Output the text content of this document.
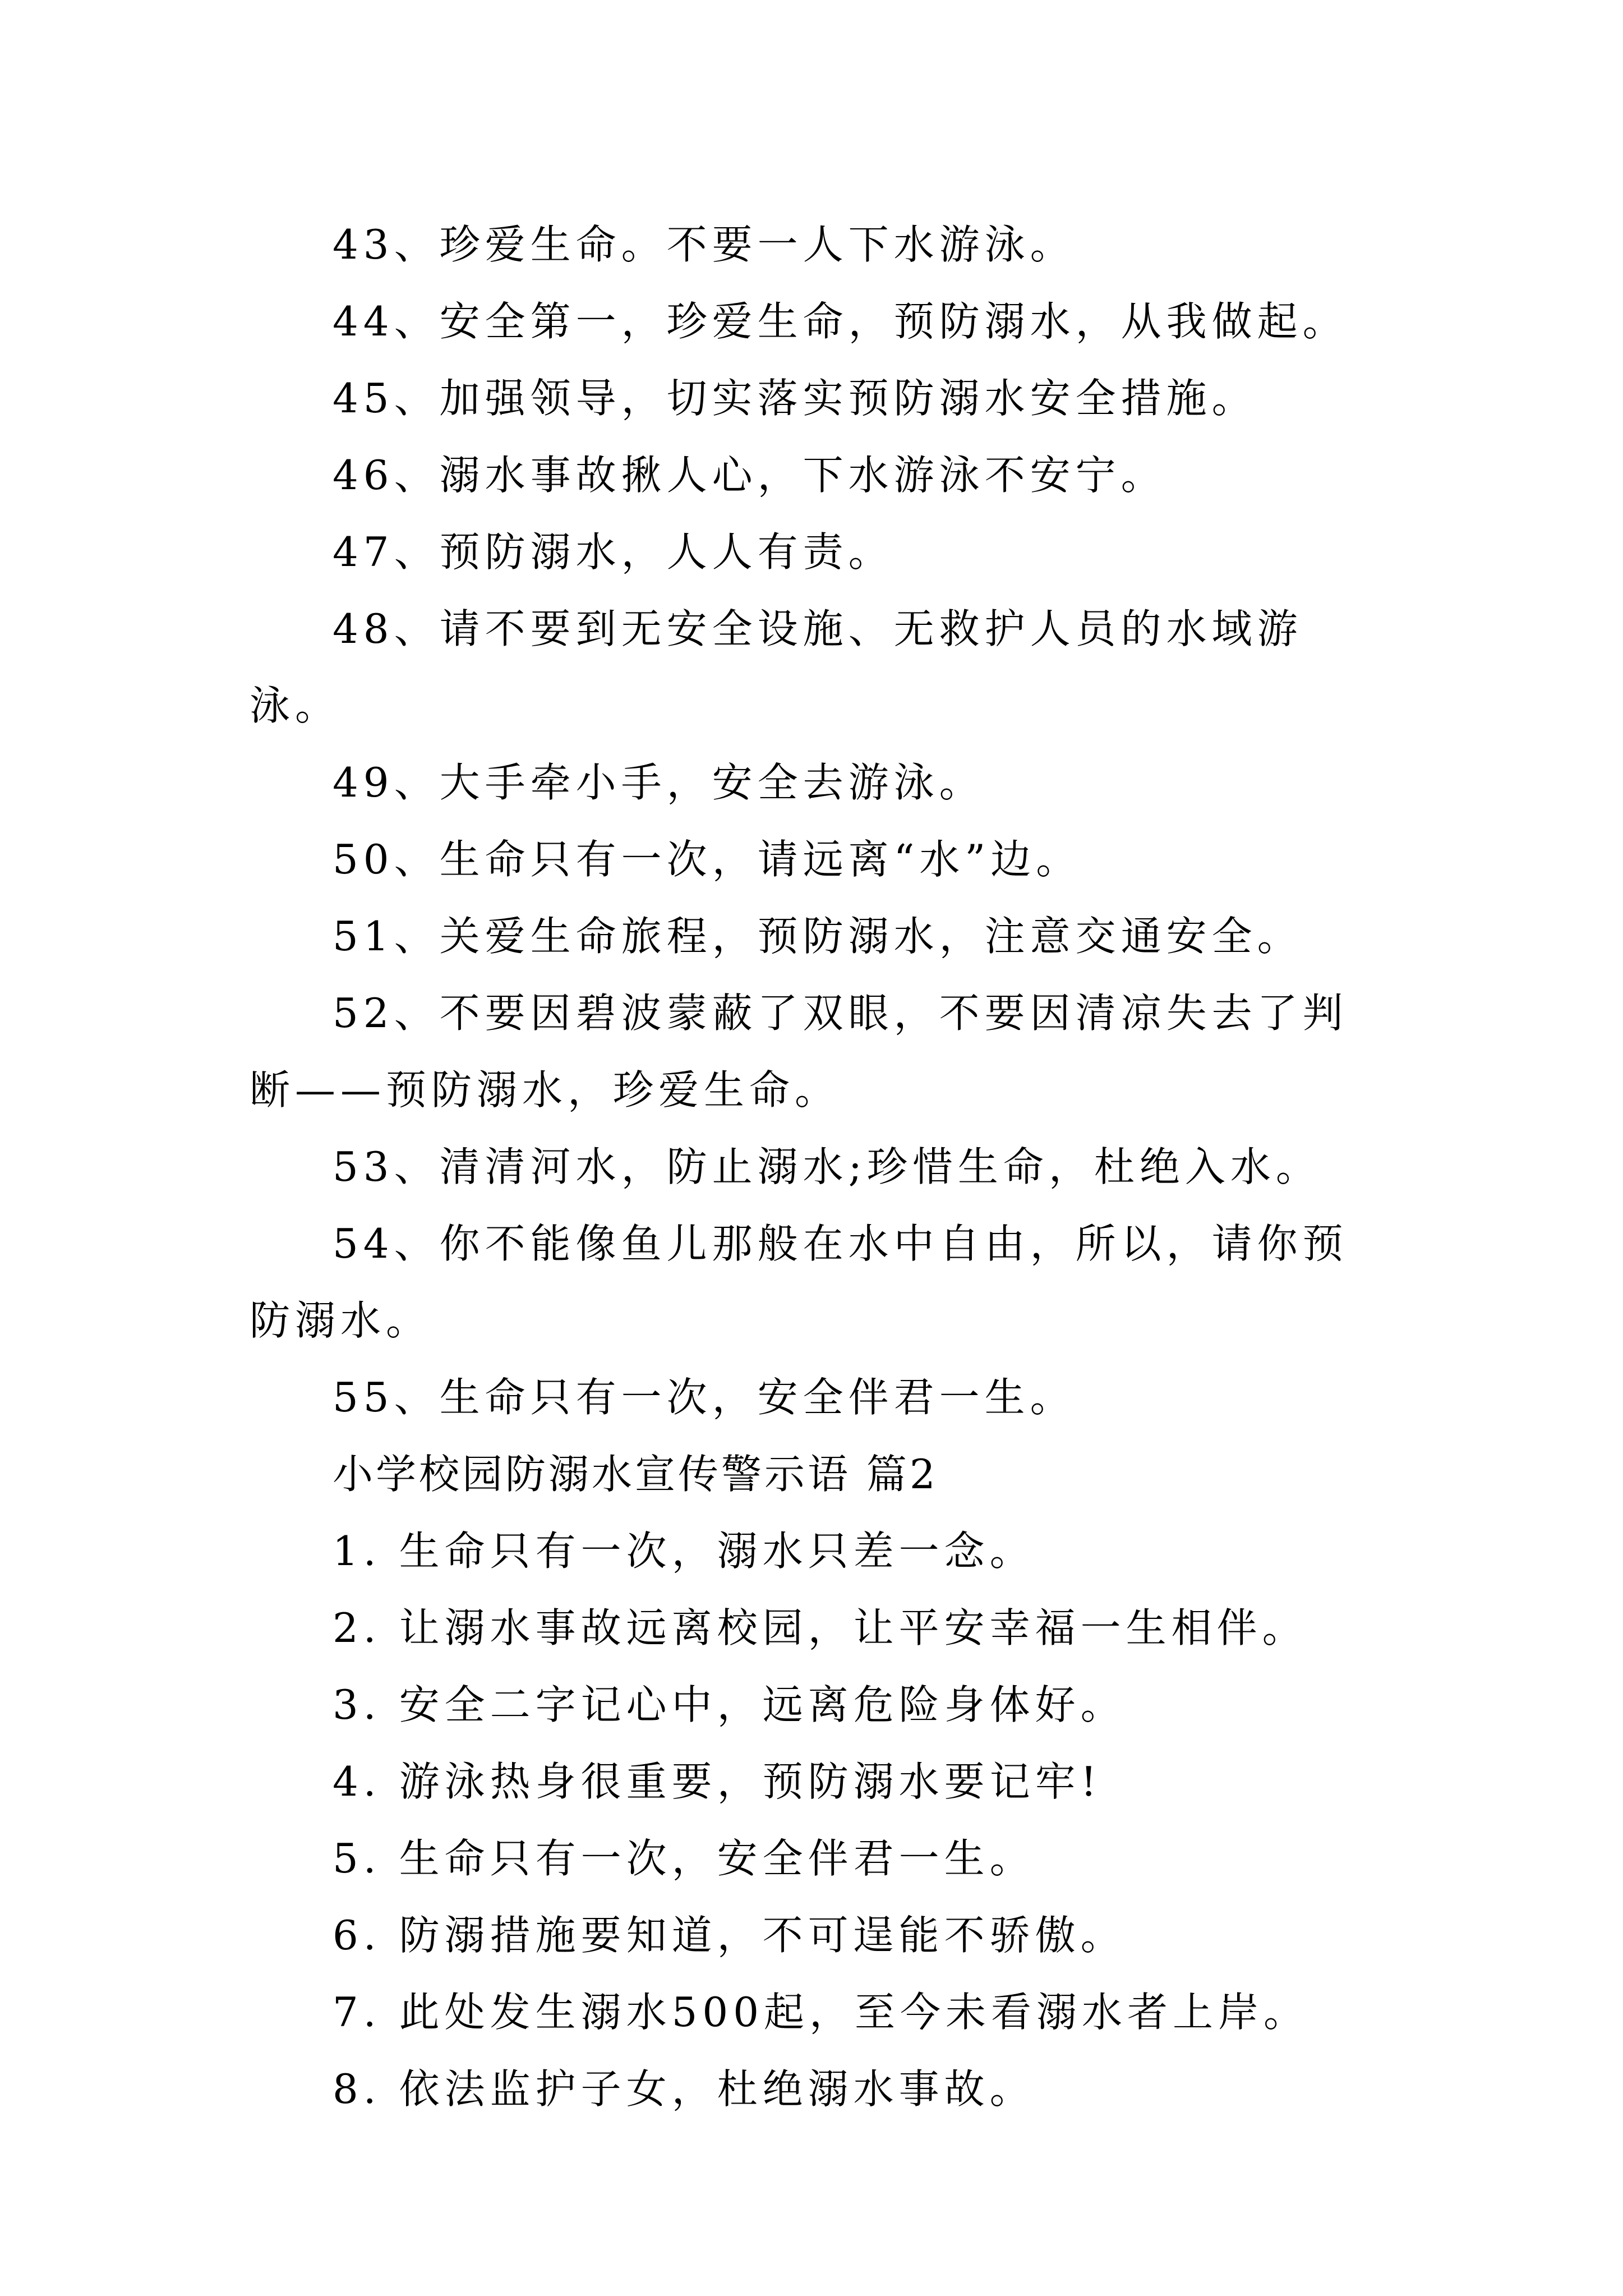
43、珍爱生命。不要一人下水游泳。

44、安全第一，珍爱生命，预防溺水，从我做起。

45、加强领导，切实落实预防溺水安全措施。

46、溺水事故揪人心，下水游泳不安宁。

47、预防溺水，人人有责。

48、请不要到无安全设施、无救护人员的水域游泳。

49、大手牵小手，安全去游泳。

50、生命只有一次，请远离“水”边。

51、关爱生命旅程，预防溺水，注意交通安全。

52、不要因碧波蒙蔽了双眼，不要因清凉失去了判断——预防溺水，珍爱生命。

53、清清河水，防止溺水;珍惜生命，杜绝入水。

54、你不能像鱼儿那般在水中自由，所以，请你预防溺水。

55、生命只有一次，安全伴君一生。

小学校园防溺水宣传警示语 篇2

1. 生命只有一次，溺水只差一念。

2. 让溺水事故远离校园，让平安幸福一生相伴。

3. 安全二字记心中，远离危险身体好。

4. 游泳热身很重要，预防溺水要记牢!

5. 生命只有一次，安全伴君一生。

6. 防溺措施要知道，不可逞能不骄傲。

7. 此处发生溺水500起，至今未看溺水者上岸。

8. 依法监护子女，杜绝溺水事故。
